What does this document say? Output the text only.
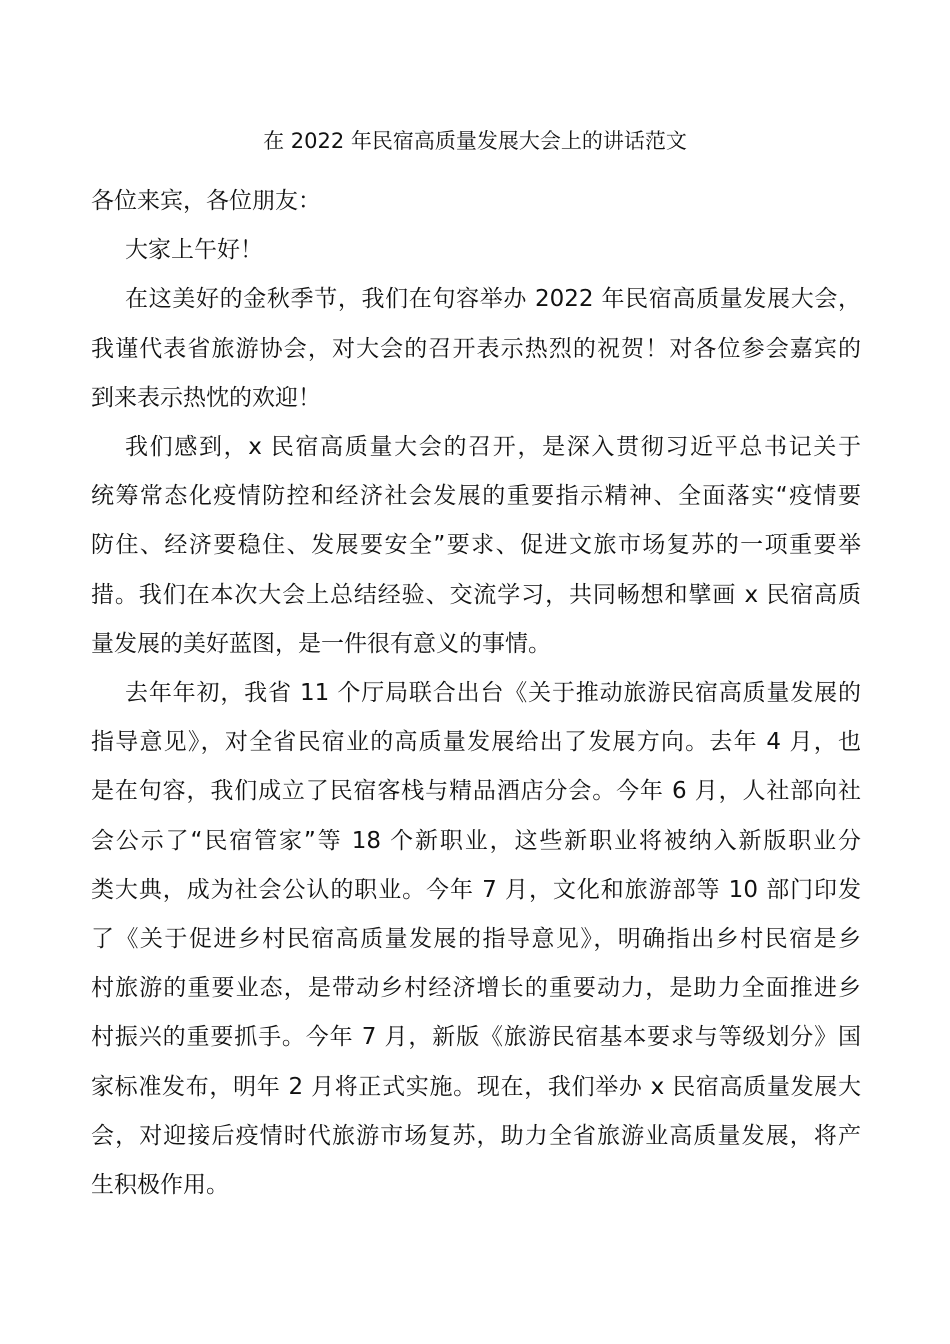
在 2022 年民宿高质量发展大会上的讲话范文
各位来宾，各位朋友：
大家上午好！
在这美好的金秋季节，我们在句容举办 2022 年民宿高质量发展大会，
我谨代表省旅游协会，对大会的召开表示热烈的祝贺！对各位参会嘉宾的
到来表示热忱的欢迎！
我们感到，x 民宿高质量大会的召开，是深入贯彻习近平总书记关于
统筹常态化疫情防控和经济社会发展的重要指示精神、全面落实“疫情要
防住、经济要稳住、发展要安全”要求、促进文旅市场复苏的一项重要举
措。我们在本次大会上总结经验、交流学习，共同畅想和擘画 x 民宿高质
量发展的美好蓝图，是一件很有意义的事情。
去年年初，我省 11 个厅局联合出台《关于推动旅游民宿高质量发展的
指导意见》，对全省民宿业的高质量发展给出了发展方向。去年 4 月，也
是在句容，我们成立了民宿客栈与精品酒店分会。今年 6 月，人社部向社
会公示了“民宿管家”等 18 个新职业，这些新职业将被纳入新版职业分
类大典，成为社会公认的职业。今年 7 月，文化和旅游部等 10 部门印发
了《关于促进乡村民宿高质量发展的指导意见》，明确指出乡村民宿是乡
村旅游的重要业态，是带动乡村经济增长的重要动力，是助力全面推进乡
村振兴的重要抓手。今年 7 月，新版《旅游民宿基本要求与等级划分》国
家标准发布，明年 2 月将正式实施。现在，我们举办 x 民宿高质量发展大
会，对迎接后疫情时代旅游市场复苏，助力全省旅游业高质量发展，将产
生积极作用。
